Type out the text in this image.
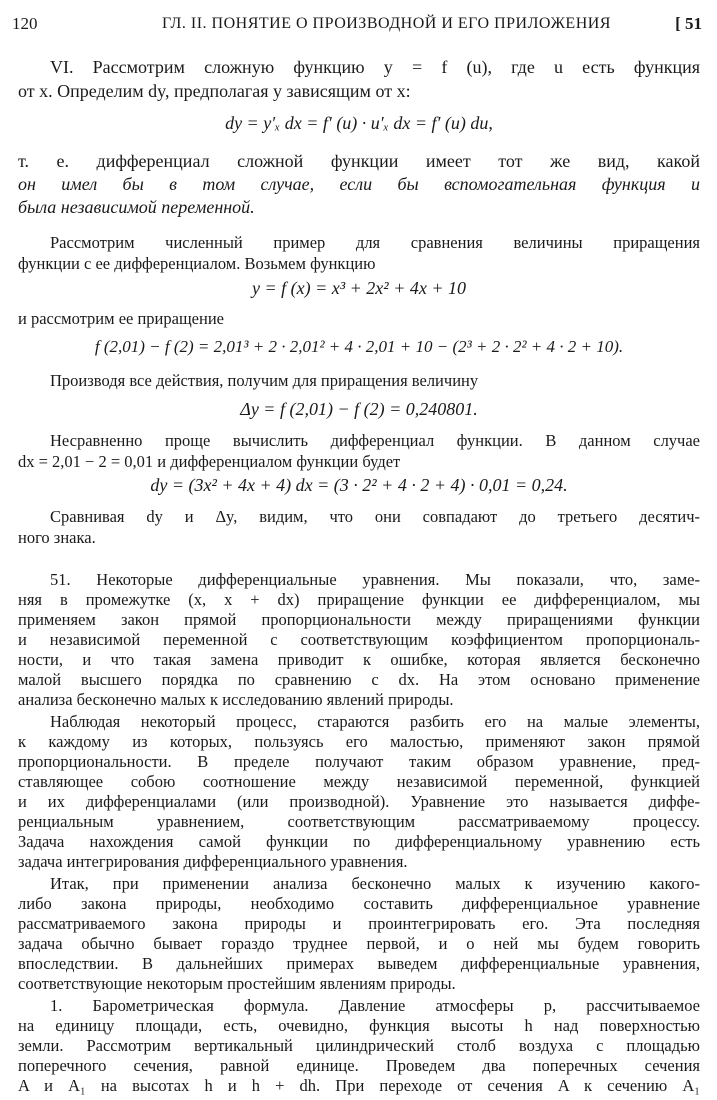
120	ГЛ. II. ПОНЯТИЕ О ПРОИЗВОДНОЙ И ЕГО ПРИЛОЖЕНИЯ	[ 51
VI. Рассмотрим сложную функцию y = f (u), где u есть функция
от x. Определим dy, предполагая y зависящим от x:
dy = y′ₓ dx = f′ (u) · u′ₓ dx = f′ (u) du,
т. е. дифференциал сложной функции имеет тот же вид, какой
он имел бы в том случае, если бы вспомогательная функция u
была независимой переменной.
Рассмотрим численный пример для сравнения величины приращения
функции с ее дифференциалом. Возьмем функцию
y = f (x) = x³ + 2x² + 4x + 10
и рассмотрим ее приращение
f (2,01) − f (2) = 2,01³ + 2 · 2,01² + 4 · 2,01 + 10 − (2³ + 2 · 2² + 4 · 2 + 10).
Производя все действия, получим для приращения величину
Δy = f (2,01) − f (2) = 0,240801.
Несравненно проще вычислить дифференциал функции. В данном случае
dx = 2,01 − 2 = 0,01 и дифференциалом функции будет
dy = (3x² + 4x + 4) dx = (3 · 2² + 4 · 2 + 4) · 0,01 = 0,24.
Сравнивая dy и Δy, видим, что они совпадают до третьего десятич-
ного знака.
51. Некоторые дифференциальные уравнения. Мы показали, что, заме-
няя в промежутке (x, x + dx) приращение функции ее дифференциалом, мы
применяем закон прямой пропорциональности между приращениями функции
и независимой переменной с соответствующим коэффициентом пропорциональ-
ности, и что такая замена приводит к ошибке, которая является бесконечно
малой высшего порядка по сравнению с dx. На этом основано применение
анализа бесконечно малых к исследованию явлений природы.
Наблюдая некоторый процесс, стараются разбить его на малые элементы,
к каждому из которых, пользуясь его малостью, применяют закон прямой
пропорциональности. В пределе получают таким образом уравнение, пред-
ставляющее собою соотношение между независимой переменной, функцией
и их дифференциалами (или производной). Уравнение это называется диффе-
ренциальным уравнением, соответствующим рассматриваемому процессу.
Задача нахождения самой функции по дифференциальному уравнению есть
задача интегрирования дифференциального уравнения.
Итак, при применении анализа бесконечно малых к изучению какого-
либо закона природы, необходимо составить дифференциальное уравнение
рассматриваемого закона природы и проинтегрировать его. Эта последняя
задача обычно бывает гораздо труднее первой, и о ней мы будем говорить
впоследствии. В дальнейших примерах выведем дифференциальные уравнения,
соответствующие некоторым простейшим явлениям природы.
1. Барометрическая формула. Давление атмосферы p, рассчитываемое
на единицу площади, есть, очевидно, функция высоты h над поверхностью
земли. Рассмотрим вертикальный цилиндрический столб воздуха с площадью
поперечного сечения, равной единице. Проведем два поперечных сечения
A и A₁ на высотах h и h + dh. При переходе от сечения A к сечению A₁
